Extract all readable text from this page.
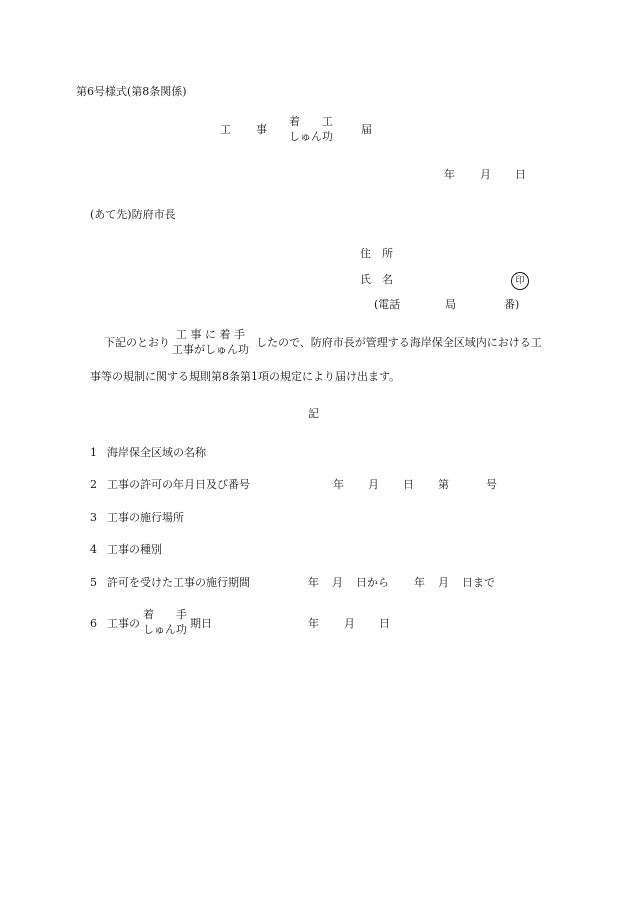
第6号様式(第8条関係)
工 事
着　　工
しゅん功
届
年 月 日
(あて先)防府市長
住　所
氏　名	印
(電話	局	番)
下記のとおり
工 事 に 着 手
工事がしゅん功
したので、防府市長が管理する海岸保全区域内における工
事等の規制に関する規則第8条第1項の規定により届け出ます。
記
1 海岸保全区域の名称
2 工事の許可の年月日及び番号	年 月 日 第	号
3 工事の施行場所
4 工事の種別
5 許可を受けた工事の施行期間	年 月 日から 年 月 日まで
6 工事の
着　　手
しゅん功 期日	年 月 日
